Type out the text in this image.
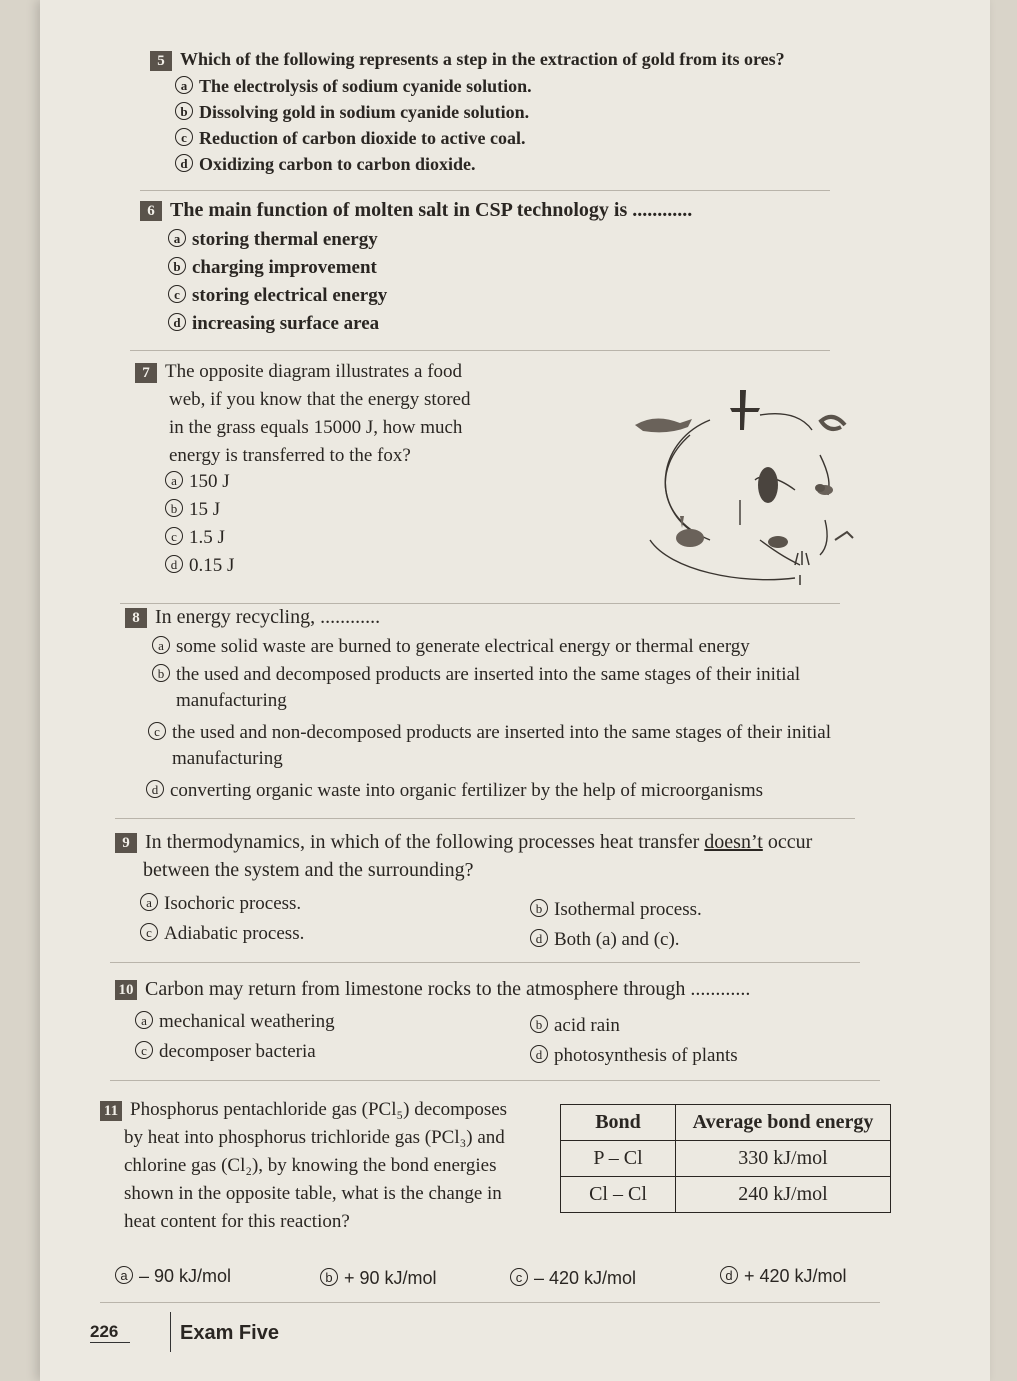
5 Which of the following represents a step in the extraction of gold from its ores?
a The electrolysis of sodium cyanide solution.
b Dissolving gold in sodium cyanide solution.
c Reduction of carbon dioxide to active coal.
d Oxidizing carbon to carbon dioxide.
6 The main function of molten salt in CSP technology is ............
a storing thermal energy
b charging improvement
c storing electrical energy
d increasing surface area
7 The opposite diagram illustrates a food
web, if you know that the energy stored
in the grass equals 15000 J, how much
energy is transferred to the fox?
a 150 J
b 15 J
c 1.5 J
d 0.15 J
8 In energy recycling, ............
a some solid waste are burned to generate electrical energy or thermal energy
b the used and decomposed products are inserted into the same stages of their initial
manufacturing
c the used and non-decomposed products are inserted into the same stages of their initial
manufacturing
d converting organic waste into organic fertilizer by the help of microorganisms
9 In thermodynamics, in which of the following processes heat transfer doesn’t occur
between the system and the surrounding?
a Isochoric process.	b Isothermal process.
c Adiabatic process.	d Both (a) and (c).
10 Carbon may return from limestone rocks to the atmosphere through ............
a mechanical weathering	b acid rain
c decomposer bacteria	d photosynthesis of plants
11 Phosphorus pentachloride gas (PCl₅) decomposes
by heat into phosphorus trichloride gas (PCl₃) and
chlorine gas (Cl₂), by knowing the bond energies
shown in the opposite table, what is the change in
heat content for this reaction?
Bond	Average bond energy
P – Cl	330 kJ/mol
Cl – Cl	240 kJ/mol
a – 90 kJ/mol	b + 90 kJ/mol	c – 420 kJ/mol	d + 420 kJ/mol
226	Exam Five
